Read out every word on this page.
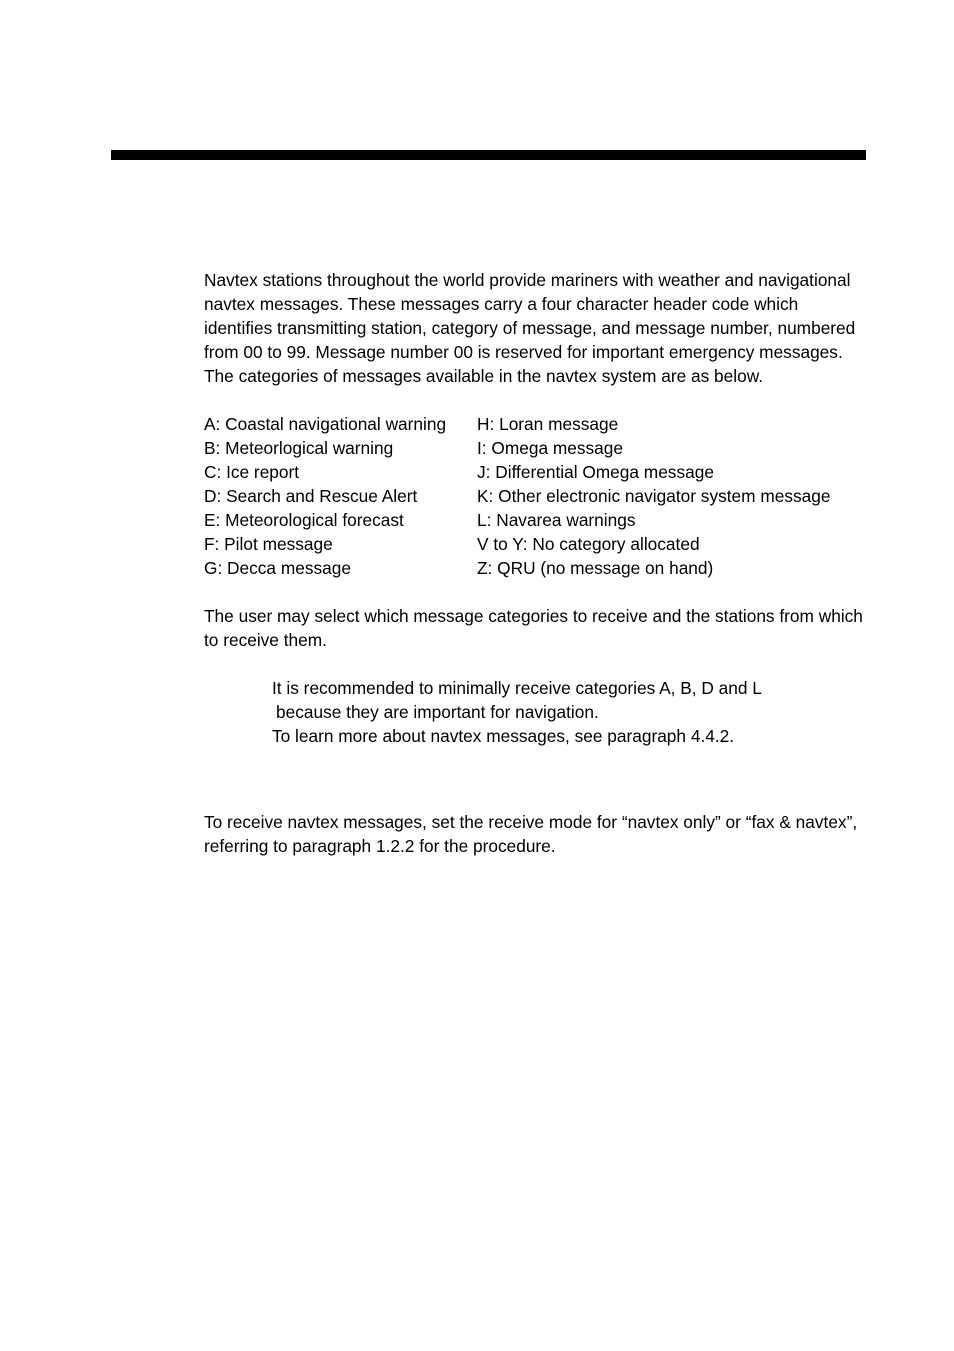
Navtex stations throughout the world provide mariners with weather and navigational navtex messages. These messages carry a four character header code which identifies transmitting station, category of message, and message number, numbered from 00 to 99. Message number 00 is reserved for important emergency messages. The categories of messages available in the navtex system are as below.

A: Coastal navigational warning	H: Loran message
B: Meteorlogical warning	I: Omega message
C: Ice report	J: Differential Omega message
D: Search and Rescue Alert	K: Other electronic navigator system message
E: Meteorological forecast	L: Navarea warnings
F: Pilot message	V to Y: No category allocated
G: Decca message	Z: QRU (no message on hand)

The user may select which message categories to receive and the stations from which to receive them.

It is recommended to minimally receive categories A, B, D and L
because they are important for navigation.
To learn more about navtex messages, see paragraph 4.4.2.

To receive navtex messages, set the receive mode for “navtex only” or “fax & navtex”, referring to paragraph 1.2.2 for the procedure.
